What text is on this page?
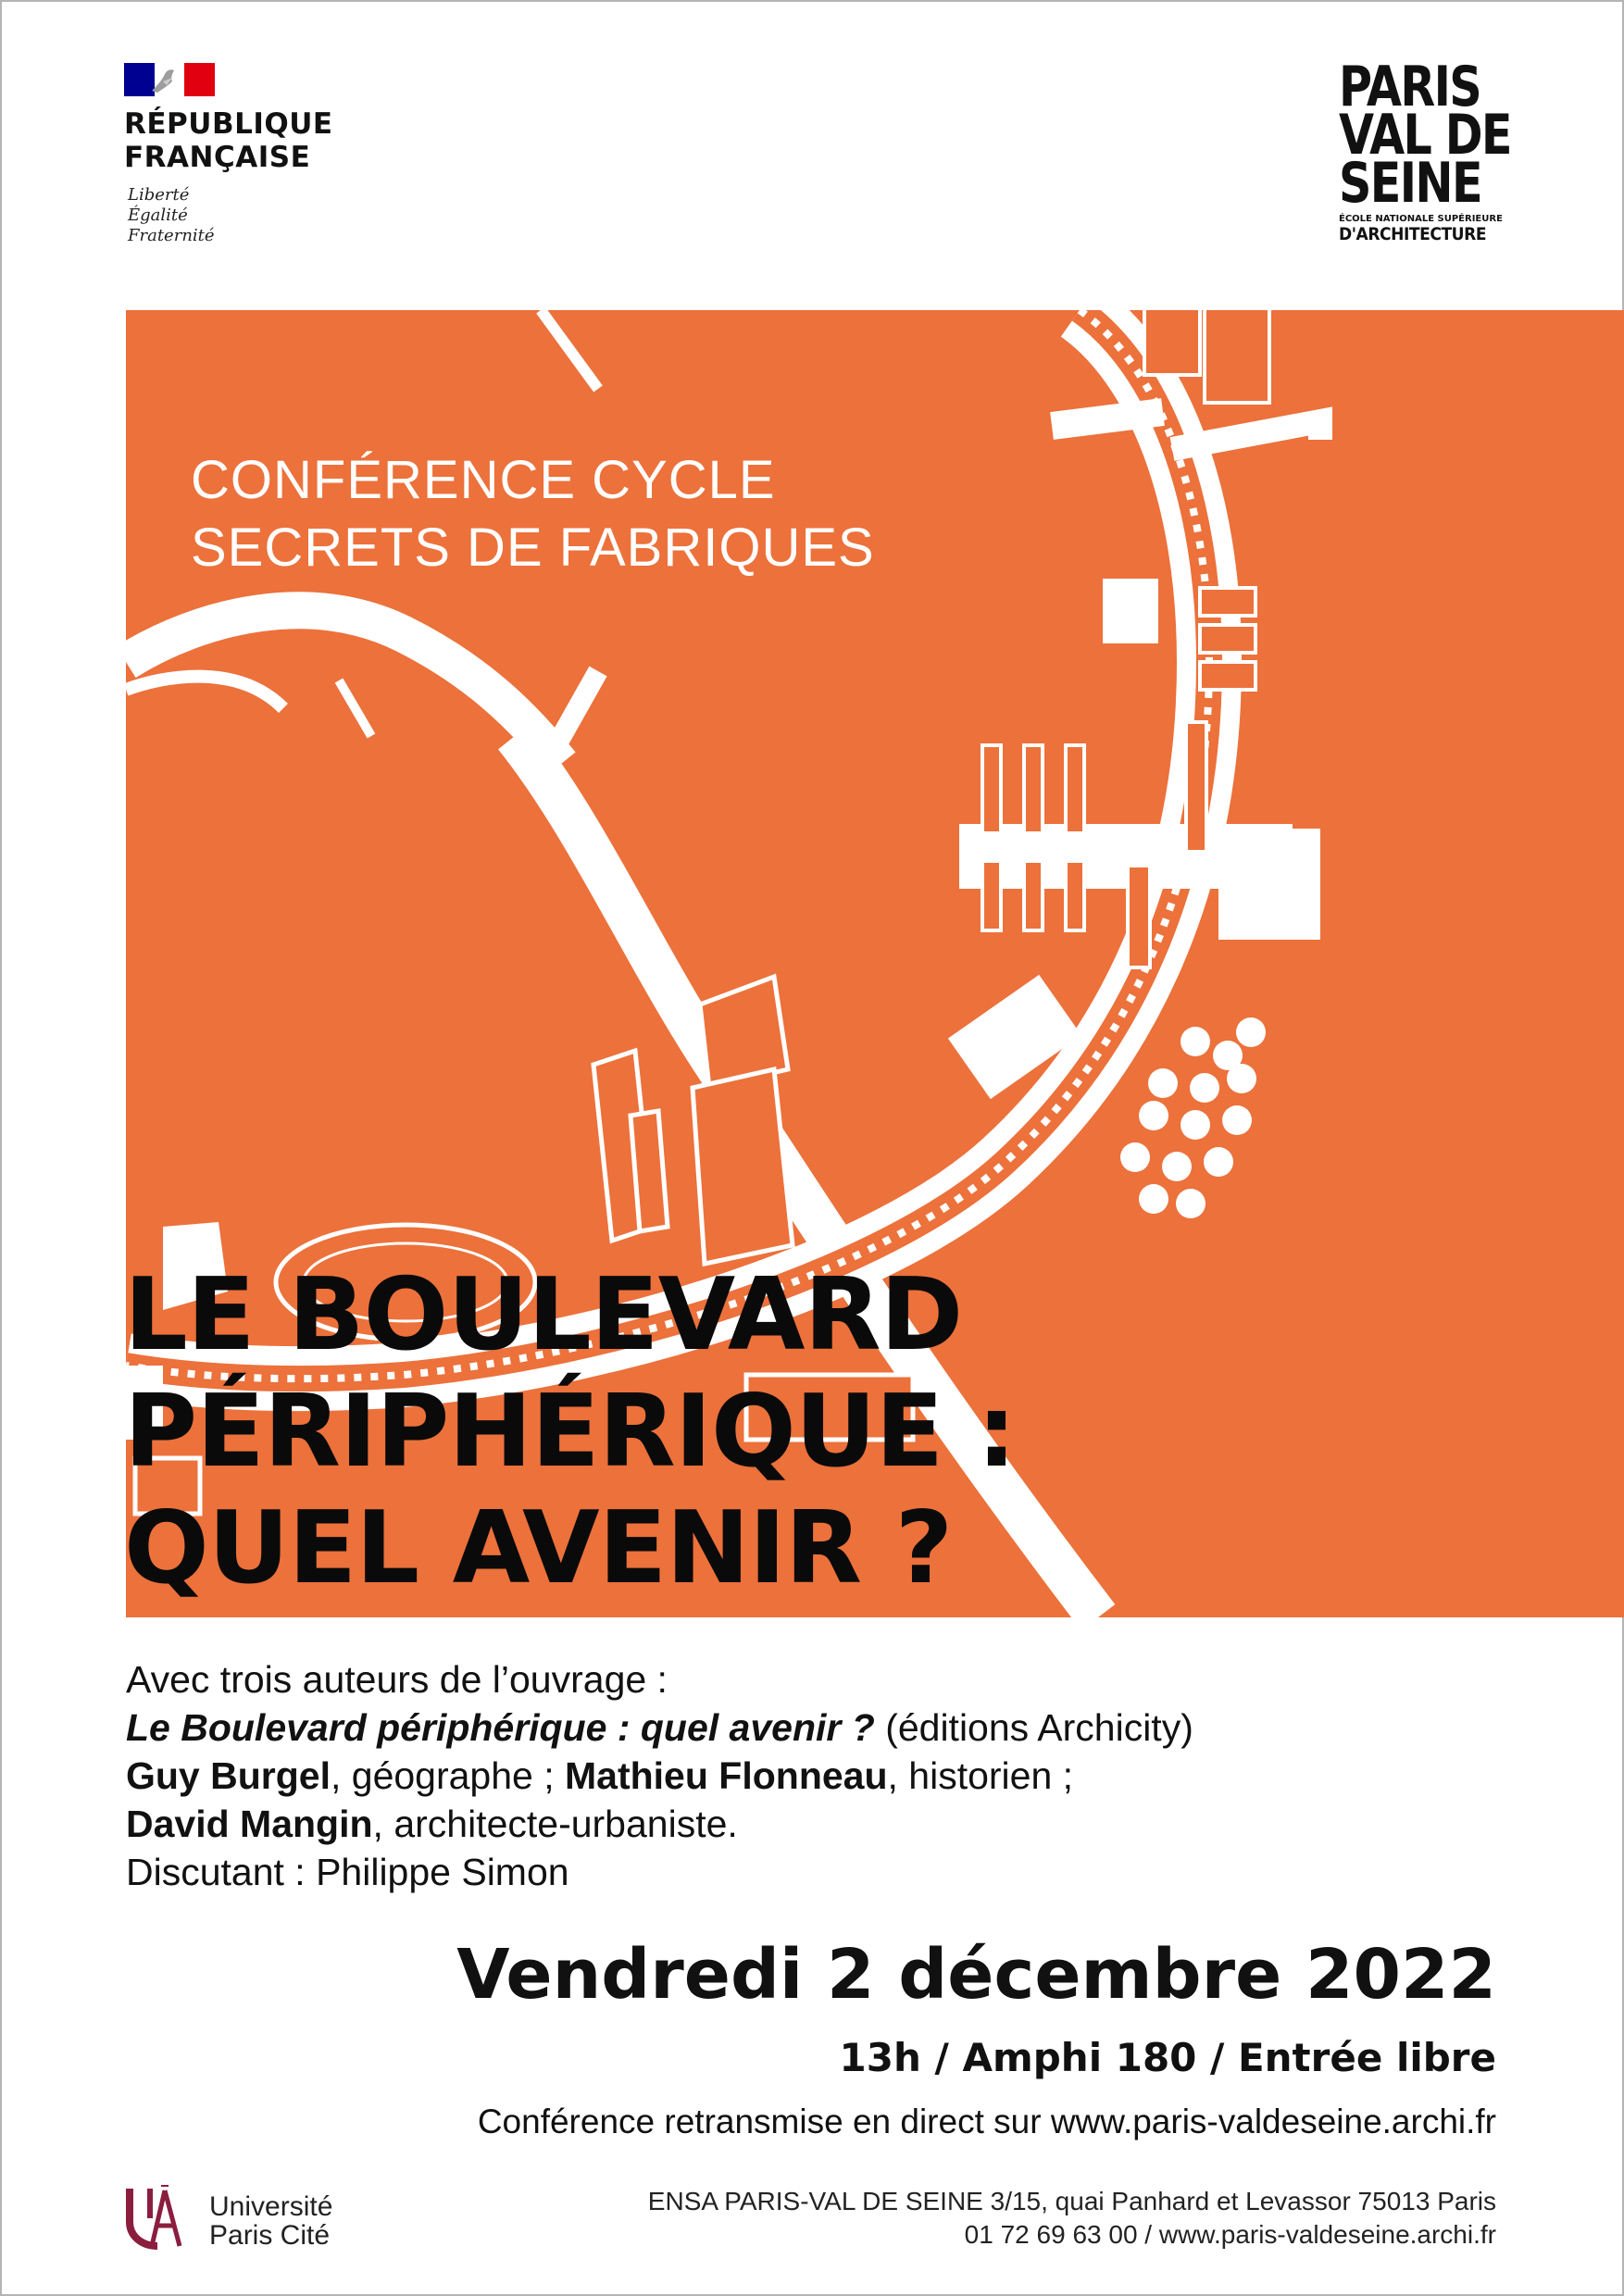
RÉPUBLIQUE
FRANÇAISE
Liberté
Égalité
Fraternité
PARIS
VAL DE
SEINE
ÉCOLE NATIONALE SUPÉRIEURE
D'ARCHITECTURE
CONFÉRENCE CYCLE
SECRETS DE FABRIQUES
LE BOULEVARD
PÉRIPHÉRIQUE :
QUEL AVENIR ?
Avec trois auteurs de l’ouvrage :
Le Boulevard périphérique : quel avenir ? (éditions Archicity)
Guy Burgel, géographe ; Mathieu Flonneau, historien ;
David Mangin, architecte-urbaniste.
Discutant : Philippe Simon
Vendredi 2 décembre 2022
13h / Amphi 180 / Entrée libre
Conférence retransmise en direct sur www.paris-valdeseine.archi.fr
Université
Paris Cité
ENSA PARIS-VAL DE SEINE 3/15, quai Panhard et Levassor 75013 Paris
01 72 69 63 00 / www.paris-valdeseine.archi.fr
